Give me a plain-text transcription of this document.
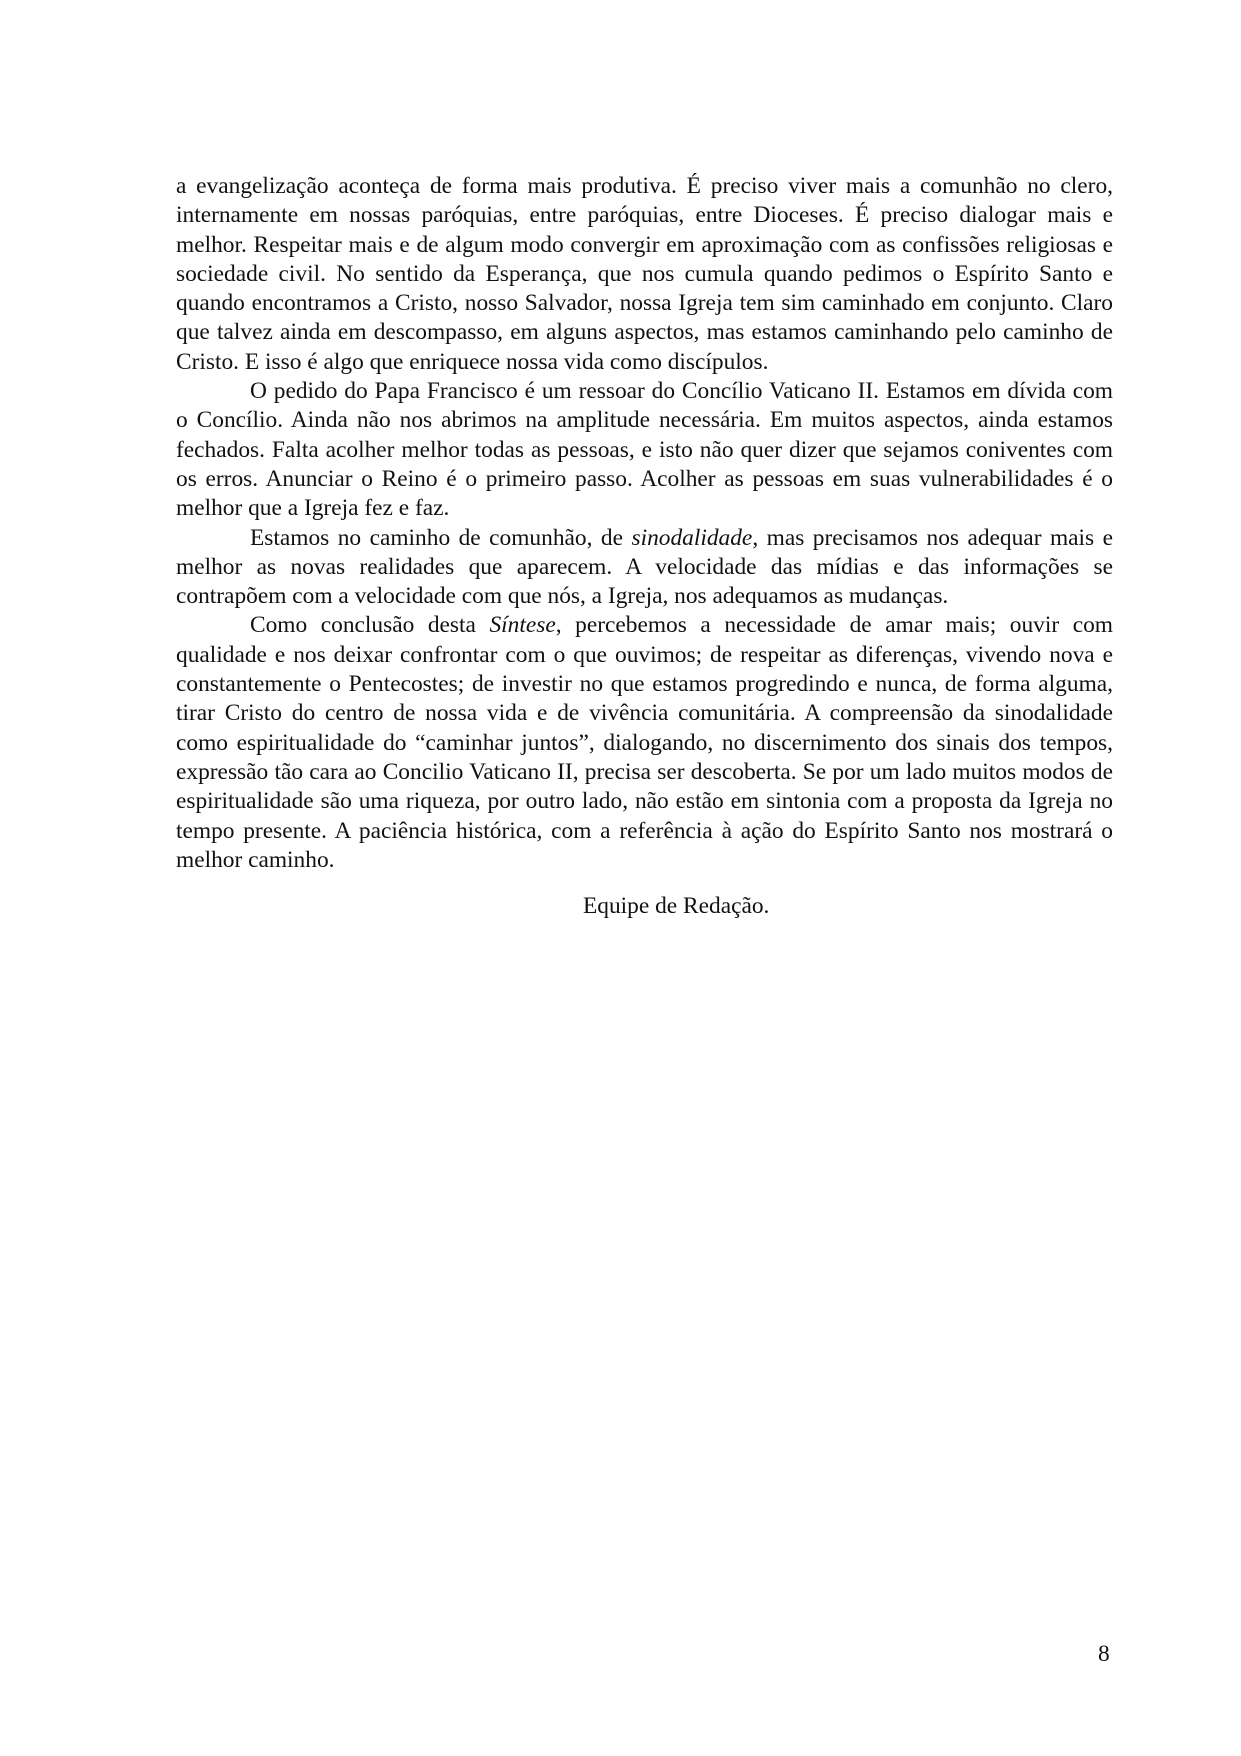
a evangelização aconteça de forma mais produtiva. É preciso viver mais a comunhão no clero, internamente em nossas paróquias, entre paróquias, entre Dioceses. É preciso dialogar mais e melhor. Respeitar mais e de algum modo convergir em aproximação com as confissões religiosas e sociedade civil. No sentido da Esperança, que nos cumula quando pedimos o Espírito Santo e quando encontramos a Cristo, nosso Salvador, nossa Igreja tem sim caminhado em conjunto. Claro que talvez ainda em descompasso, em alguns aspectos, mas estamos caminhando pelo caminho de Cristo. E isso é algo que enriquece nossa vida como discípulos.

O pedido do Papa Francisco é um ressoar do Concílio Vaticano II. Estamos em dívida com o Concílio. Ainda não nos abrimos na amplitude necessária. Em muitos aspectos, ainda estamos fechados. Falta acolher melhor todas as pessoas, e isto não quer dizer que sejamos coniventes com os erros. Anunciar o Reino é o primeiro passo. Acolher as pessoas em suas vulnerabilidades é o melhor que a Igreja fez e faz.

Estamos no caminho de comunhão, de sinodalidade, mas precisamos nos adequar mais e melhor as novas realidades que aparecem. A velocidade das mídias e das informações se contrapõem com a velocidade com que nós, a Igreja, nos adequamos as mudanças.

Como conclusão desta Síntese, percebemos a necessidade de amar mais; ouvir com qualidade e nos deixar confrontar com o que ouvimos; de respeitar as diferenças, vivendo nova e constantemente o Pentecostes; de investir no que estamos progredindo e nunca, de forma alguma, tirar Cristo do centro de nossa vida e de vivência comunitária. A compreensão da sinodalidade como espiritualidade do “caminhar juntos”, dialogando, no discernimento dos sinais dos tempos, expressão tão cara ao Concilio Vaticano II, precisa ser descoberta. Se por um lado muitos modos de espiritualidade são uma riqueza, por outro lado, não estão em sintonia com a proposta da Igreja no tempo presente. A paciência histórica, com a referência à ação do Espírito Santo nos mostrará o melhor caminho.

Equipe de Redação.
8
